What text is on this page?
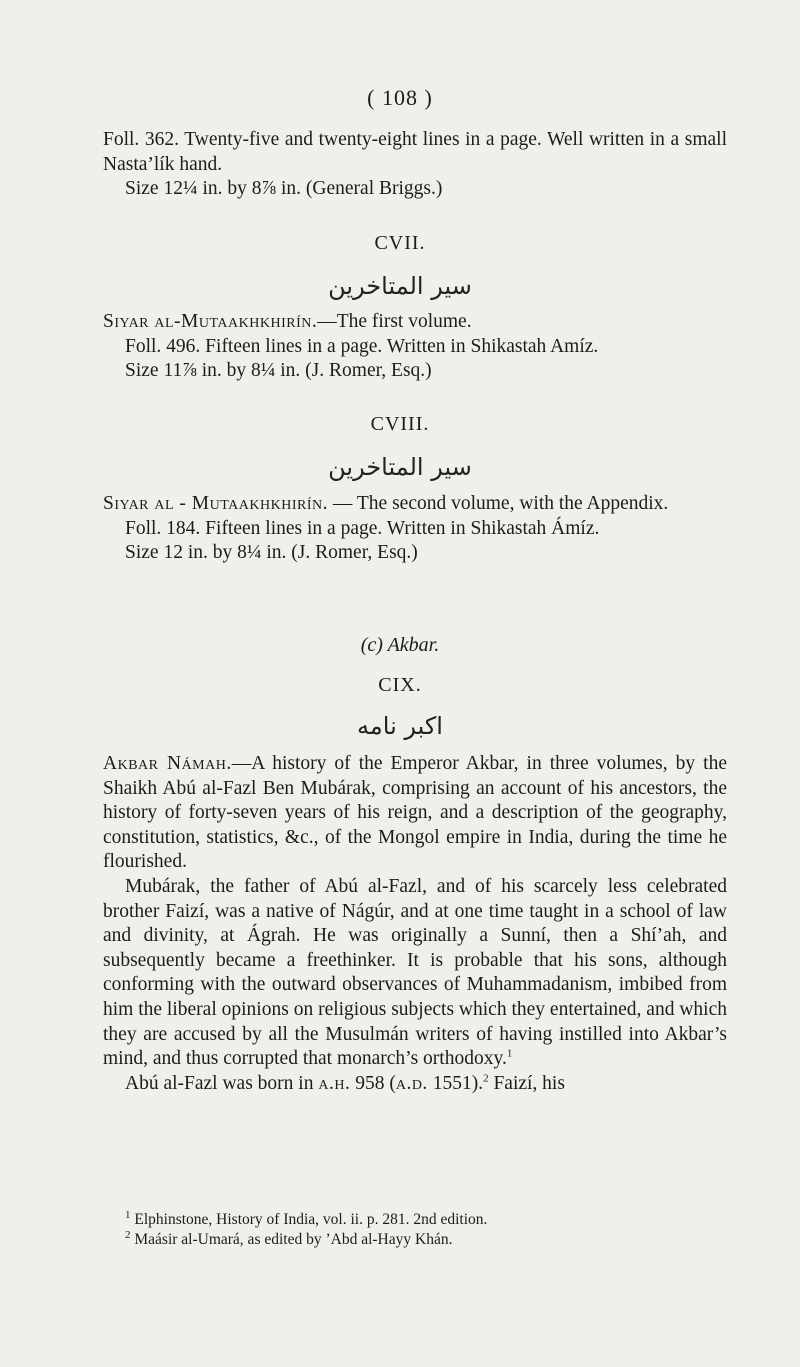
( 108 )

Foll. 362. Twenty-five and twenty-eight lines in a page. Well written in a small Nasta’lík hand.

Size 12¼ in. by 8⅞ in. (General Briggs.)

CVII.
سیر المتاخرین

Siyar al-Mutaakhkhirín.—The first volume.

Foll. 496. Fifteen lines in a page. Written in Shikastah Amíz.

Size 11⅞ in. by 8¼ in. (J. Romer, Esq.)

CVIII.
سیر المتاخرین

Siyar al - Mutaakhkhirín. — The second volume, with the Appendix.

Foll. 184. Fifteen lines in a page. Written in Shikastah Ámíz.

Size 12 in. by 8¼ in. (J. Romer, Esq.)

(c) Akbar.
CIX.
اکبر نامه

Akbar Námah.—A history of the Emperor Akbar, in three volumes, by the Shaikh Abú al-Fazl Ben Mubárak, comprising an account of his ancestors, the history of forty-seven years of his reign, and a description of the geography, constitution, statistics, &c., of the Mongol empire in India, during the time he flourished.

Mubárak, the father of Abú al-Fazl, and of his scarcely less celebrated brother Faizí, was a native of Nágúr, and at one time taught in a school of law and divinity, at Ágrah. He was originally a Sunní, then a Shí’ah, and subsequently became a freethinker. It is probable that his sons, although conforming with the outward observances of Muhammadanism, imbibed from him the liberal opinions on religious subjects which they entertained, and which they are accused by all the Musulmán writers of having instilled into Akbar’s mind, and thus corrupted that monarch’s orthodoxy.$^1$

Abú al-Fazl was born in a.h. 958 (a.d. 1551).$^2$ Faizí, his

$^1$ Elphinstone, History of India, vol. ii. p. 281. 2nd edition.
$^2$ Maásir al-Umará, as edited by ’Abd al-Hayy Khán.
